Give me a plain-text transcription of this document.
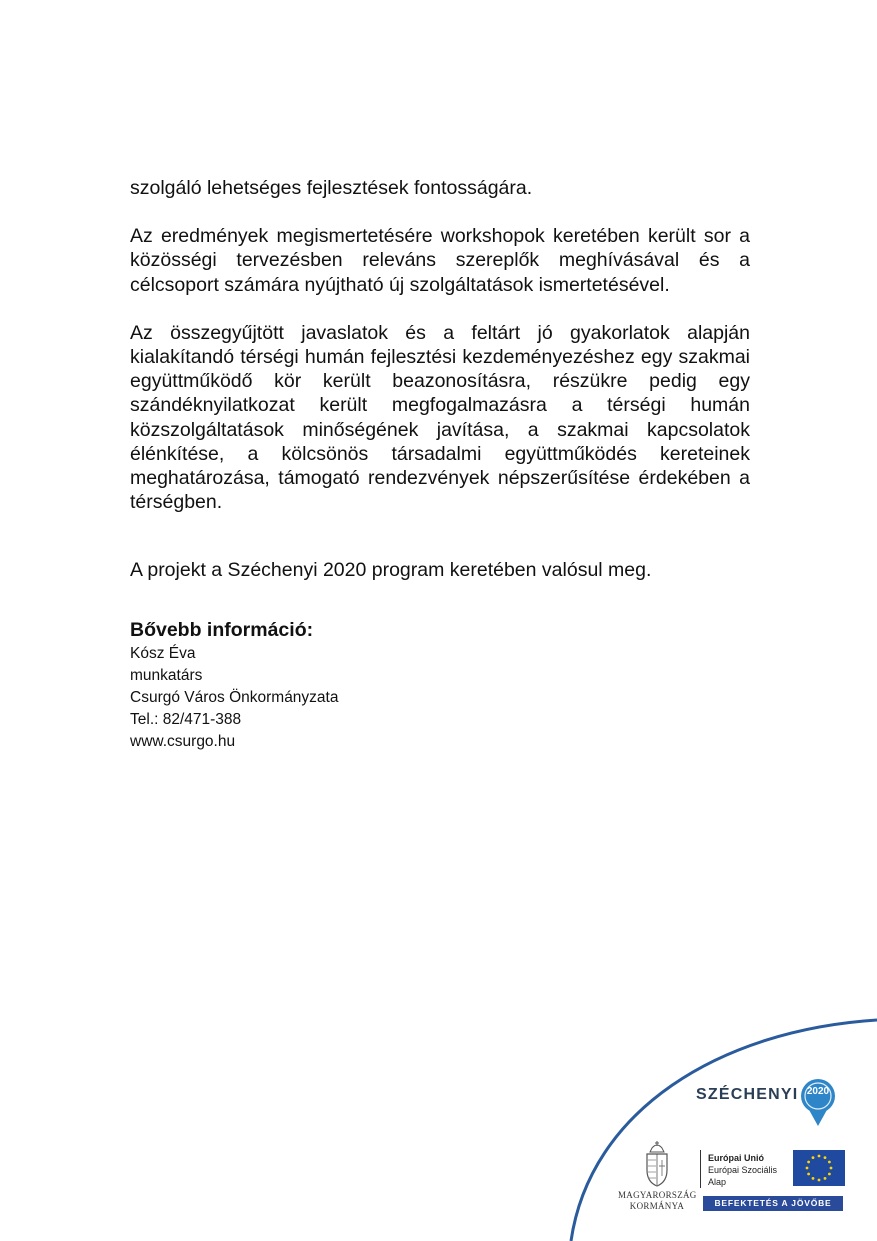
szolgáló lehetséges fejlesztések fontosságára.

Az eredmények megismertetésére workshopok keretében került sor a közösségi tervezésben releváns szereplők meghívásával és a célcsoport számára nyújtható új szolgáltatások ismertetésével.

Az összegyűjtött javaslatok és a feltárt jó gyakorlatok alapján kialakítandó térségi humán fejlesztési kezdeményezéshez egy szakmai együttműködő kör került beazonosításra, részükre pedig egy szándéknyilatkozat került megfogalmazásra a térségi humán közszolgáltatások minőségének javítása, a szakmai kapcsolatok élénkítése, a kölcsönös társadalmi együttműködés kereteinek meghatározása, támogató rendezvények népszerűsítése érdekében a térségben.

A projekt a Széchenyi 2020 program keretében valósul meg.

Bővebb információ:

Kósz Éva
munkatárs
Csurgó Város Önkormányzata
Tel.: 82/471-388
www.csurgo.hu
SZÉCHENYI 2020
MAGYARORSZÁG
KORMÁNYA
Európai Unió
Európai Szociális
Alap
BEFEKTETÉS A JÖVŐBE
